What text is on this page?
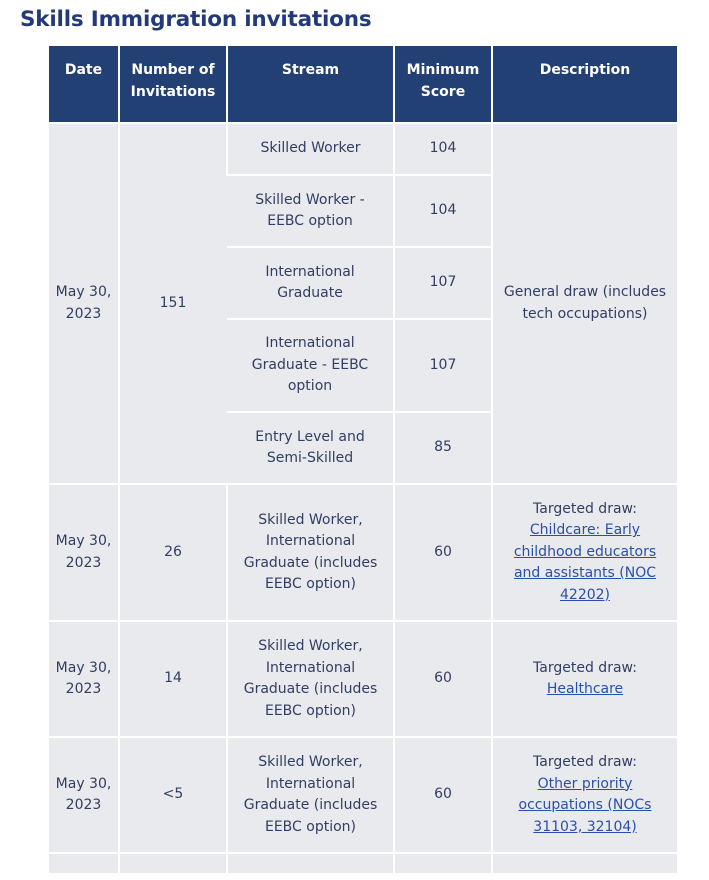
Skills Immigration invitations
Date	Number of Invitations	Stream	Minimum Score	Description
May 30, 2023	151	Skilled Worker	104	General draw (includes tech occupations)
		Skilled Worker - EEBC option	104	
		International Graduate	107	
		International Graduate - EEBC option	107	
		Entry Level and Semi-Skilled	85	
May 30, 2023	26	Skilled Worker, International Graduate (includes EEBC option)	60	Targeted draw:
Childcare: Early childhood educators and assistants (NOC 42202)
May 30, 2023	14	Skilled Worker, International Graduate (includes EEBC option)	60	Targeted draw:
Healthcare
May 30, 2023	<5	Skilled Worker, International Graduate (includes EEBC option)	60	Targeted draw:
Other priority occupations (NOCs 31103, 32104)
